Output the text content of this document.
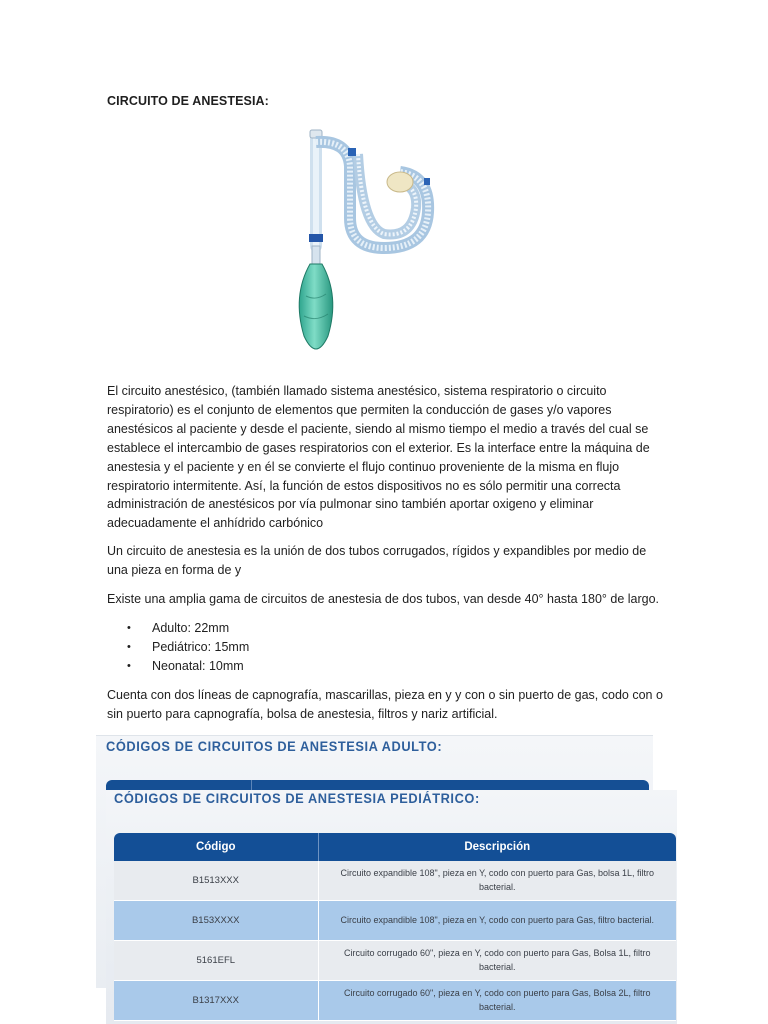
CIRCUITO DE ANESTESIA:

El circuito anestésico, (también llamado sistema anestésico, sistema respiratorio o circuito respiratorio) es el conjunto de elementos que permiten la conducción de gases y/o vapores anestésicos al paciente y desde el paciente, siendo al mismo tiempo el medio a través del cual se establece el intercambio de gases respiratorios con el exterior. Es la interface entre la máquina de anestesia y el paciente y en él se convierte el flujo continuo proveniente de la misma en flujo respiratorio intermitente. Así, la función de estos dispositivos no es sólo permitir una correcta administración de anestésicos por vía pulmonar sino también aportar oxigeno y eliminar adecuadamente el anhídrido carbónico

Un circuito de anestesia es la unión de dos tubos corrugados, rígidos y expandibles por medio de una pieza en forma de y

Existe una amplia gama de circuitos de anestesia de dos tubos, van desde 40° hasta 180° de largo.

• Adulto: 22mm
• Pediátrico: 15mm
• Neonatal: 10mm

Cuenta con dos líneas de capnografía, mascarillas, pieza en y y con o sin puerto de gas, codo con o sin puerto para capnografía, bolsa de anestesia, filtros y nariz artificial.

CÓDIGOS DE CIRCUITOS DE ANESTESIA ADULTO:
CÓDIGOS DE CIRCUITOS DE ANESTESIA PEDIÁTRICO:
Código	Descripción
B1513XXX	Circuito expandible 108", pieza en Y, codo con puerto para Gas, bolsa 1L, filtro bacterial.
B153XXXX	Circuito expandible 108", pieza en Y, codo con puerto para Gas, filtro bacterial.
5161EFL	Circuito corrugado 60", pieza en Y, codo con puerto para Gas, Bolsa 1L, filtro bacterial.
B1317XXX	Circuito corrugado 60", pieza en Y, codo con puerto para Gas, Bolsa 2L, filtro bacterial.
